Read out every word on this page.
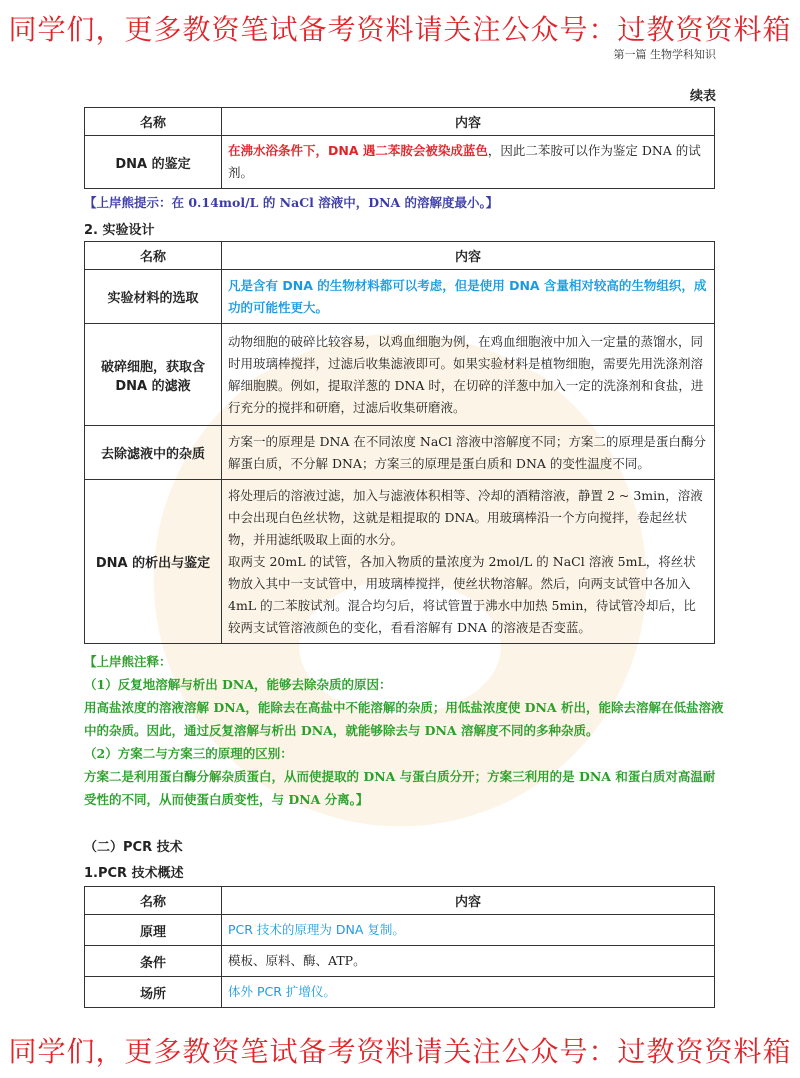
同学们，更多教资笔试备考资料请关注公众号：过教资资料箱
第一篇 生物学科知识
续表
名称	内容
DNA 的鉴定	在沸水浴条件下，DNA 遇二苯胺会被染成蓝色，因此二苯胺可以作为鉴定 DNA 的试剂。
【上岸熊提示：在 0.14mol/L 的 NaCl 溶液中，DNA 的溶解度最小。】
2. 实验设计
名称	内容
实验材料的选取	凡是含有 DNA 的生物材料都可以考虑，但是使用 DNA 含量相对较高的生物组织，成功的可能性更大。
破碎细胞，获取含 DNA 的滤液	动物细胞的破碎比较容易，以鸡血细胞为例，在鸡血细胞液中加入一定量的蒸馏水，同时用玻璃棒搅拌，过滤后收集滤液即可。如果实验材料是植物细胞，需要先用洗涤剂溶解细胞膜。例如，提取洋葱的 DNA 时，在切碎的洋葱中加入一定的洗涤剂和食盐，进行充分的搅拌和研磨，过滤后收集研磨液。
去除滤液中的杂质	方案一的原理是 DNA 在不同浓度 NaCl 溶液中溶解度不同；方案二的原理是蛋白酶分解蛋白质，不分解 DNA；方案三的原理是蛋白质和 DNA 的变性温度不同。
DNA 的析出与鉴定	将处理后的溶液过滤，加入与滤液体积相等、冷却的酒精溶液，静置 2 ~ 3min，溶液中会出现白色丝状物，这就是粗提取的 DNA。用玻璃棒沿一个方向搅拌，卷起丝状物，并用滤纸吸取上面的水分。
取两支 20mL 的试管，各加入物质的量浓度为 2mol/L 的 NaCl 溶液 5mL，将丝状物放入其中一支试管中，用玻璃棒搅拌，使丝状物溶解。然后，向两支试管中各加入 4mL 的二苯胺试剂。混合均匀后，将试管置于沸水中加热 5min，待试管冷却后，比较两支试管溶液颜色的变化，看看溶解有 DNA 的溶液是否变蓝。
【上岸熊注释：
（1）反复地溶解与析出 DNA，能够去除杂质的原因：
用高盐浓度的溶液溶解 DNA，能除去在高盐中不能溶解的杂质；用低盐浓度使 DNA 析出，能除去溶解在低盐溶液中的杂质。因此，通过反复溶解与析出 DNA，就能够除去与 DNA 溶解度不同的多种杂质。
（2）方案二与方案三的原理的区别：
方案二是利用蛋白酶分解杂质蛋白，从而使提取的 DNA 与蛋白质分开；方案三利用的是 DNA 和蛋白质对高温耐受性的不同，从而使蛋白质变性，与 DNA 分离。】
（二）PCR 技术
1.PCR 技术概述
名称	内容
原理	PCR 技术的原理为 DNA 复制。
条件	模板、原料、酶、ATP。
场所	体外 PCR 扩增仪。
同学们，更多教资笔试备考资料请关注公众号：过教资资料箱
